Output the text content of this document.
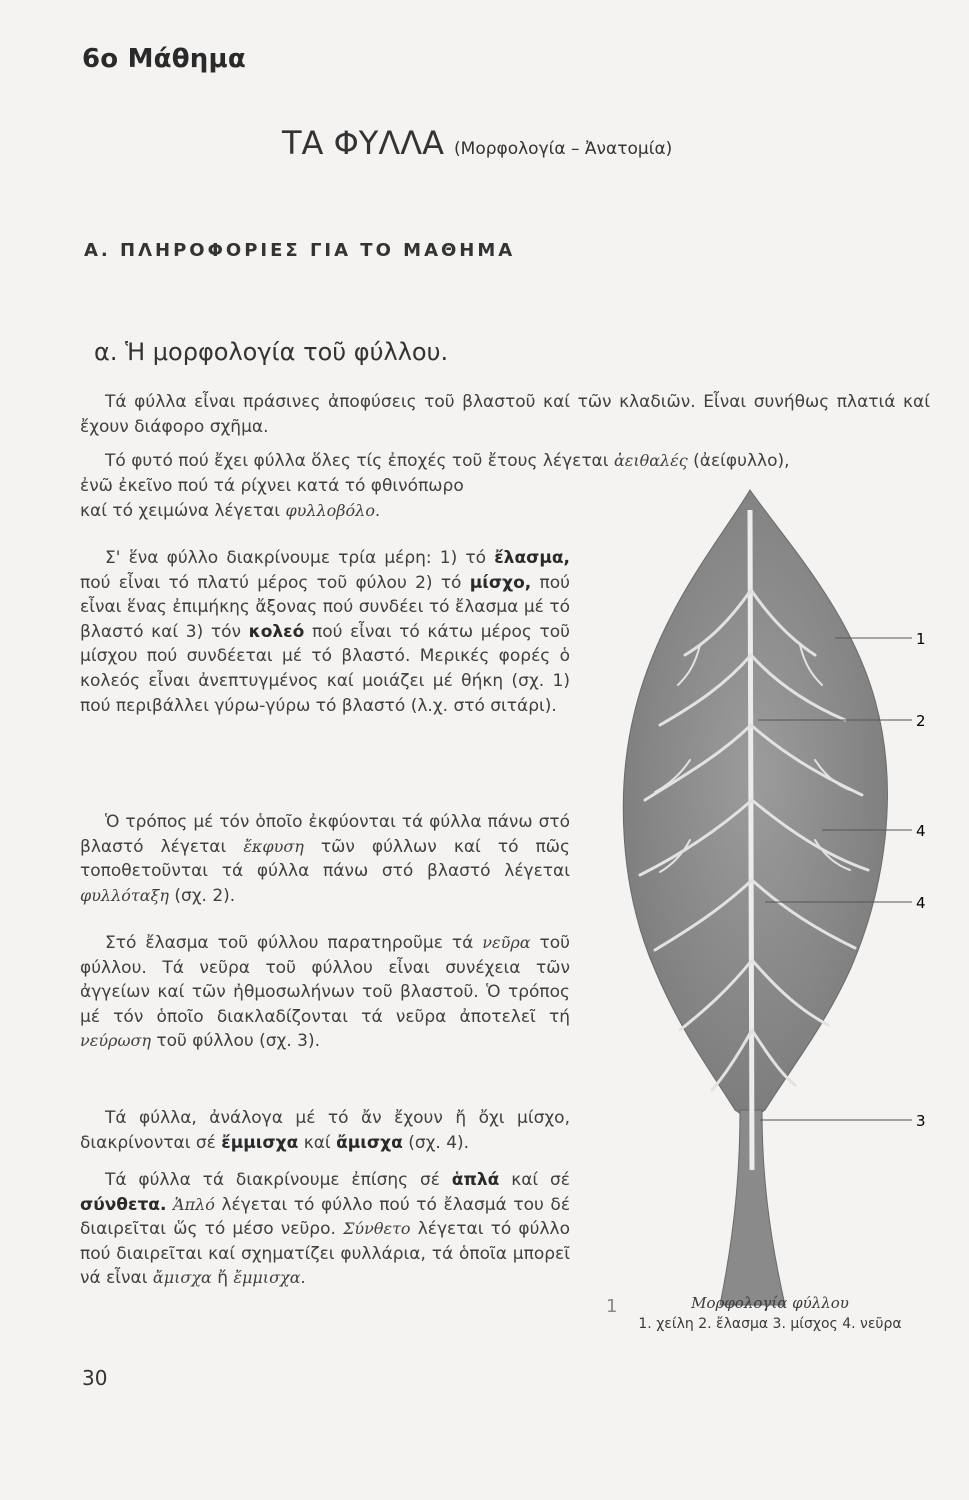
6ο Μάθημα
ΤΑ ΦΥΛΛΑ (Μορφολογία – Ἀνατομία)
Α. ΠΛΗΡΟΦΟΡΙΕΣ ΓΙΑ ΤΟ ΜΑΘΗΜΑ
α. Ἡ μορφολογία τοῦ φύλλου.
Τά φύλλα εἶναι πράσινες ἀποφύσεις τοῦ βλαστοῦ καί τῶν κλαδιῶν. Εἶναι συνήθως πλατιά καί ἔχουν διάφορο σχῆμα.
Τό φυτό πού ἔχει φύλλα ὅλες τίς ἐποχές τοῦ ἔτους λέγεται ἀειθαλές (ἀείφυλλο),
ἐνῶ ἐκεῖνο πού τά ρίχνει κατά τό φθινόπωρο
καί τό χειμώνα λέγεται φυλλοβόλο.
Σ' ἕνα φύλλο διακρίνουμε τρία μέρη: 1) τό ἔλασμα, πού εἶναι τό πλατύ μέρος τοῦ φύλου 2) τό μίσχο, πού εἶναι ἕνας ἐπιμήκης ἄξονας πού συνδέει τό ἔλασμα μέ τό βλαστό καί 3) τόν κολεό πού εἶναι τό κάτω μέρος τοῦ μίσχου πού συνδέεται μέ τό βλαστό. Μερικές φορές ὁ κολεός εἶναι ἀνεπτυγμένος καί μοιάζει μέ θήκη (σχ. 1) πού περιβάλλει γύρω-γύρω τό βλαστό (λ.χ. στό σιτάρι).
Ὁ τρόπος μέ τόν ὁποῖο ἐκφύονται τά φύλλα πάνω στό βλαστό λέγεται ἔκφυση τῶν φύλλων καί τό πῶς τοποθετοῦνται τά φύλλα πάνω στό βλαστό λέγεται φυλλόταξη (σχ. 2).
Στό ἔλασμα τοῦ φύλλου παρατηροῦμε τά νεῦρα τοῦ φύλλου. Τά νεῦρα τοῦ φύλλου εἶναι συνέχεια τῶν ἀγγείων καί τῶν ἠθμοσωλήνων τοῦ βλαστοῦ. Ὁ τρόπος μέ τόν ὁποῖο διακλαδίζονται τά νεῦρα ἀποτελεῖ τή νεύρωση τοῦ φύλλου (σχ. 3).
Τά φύλλα, ἀνάλογα μέ τό ἄν ἔχουν ἤ ὄχι μίσχο, διακρίνονται σέ ἔμμισχα καί ἄμισχα (σχ. 4).
Τά φύλλα τά διακρίνουμε ἐπίσης σέ ἁπλά καί σέ σύνθετα. Ἁπλό λέγεται τό φύλλο πού τό ἔλασμά του δέ διαιρεῖται ὥς τό μέσο νεῦρο. Σύνθετο λέγεται τό φύλλο πού διαιρεῖται καί σχηματίζει φυλλάρια, τά ὁποῖα μπορεῖ νά εἶναι ἄμισχα ἤ ἔμμισχα.
1
2
4
4
3
1	Μορφολογία φύλλου
1. χείλη 2. ἔλασμα 3. μίσχος 4. νεῦρα
30
